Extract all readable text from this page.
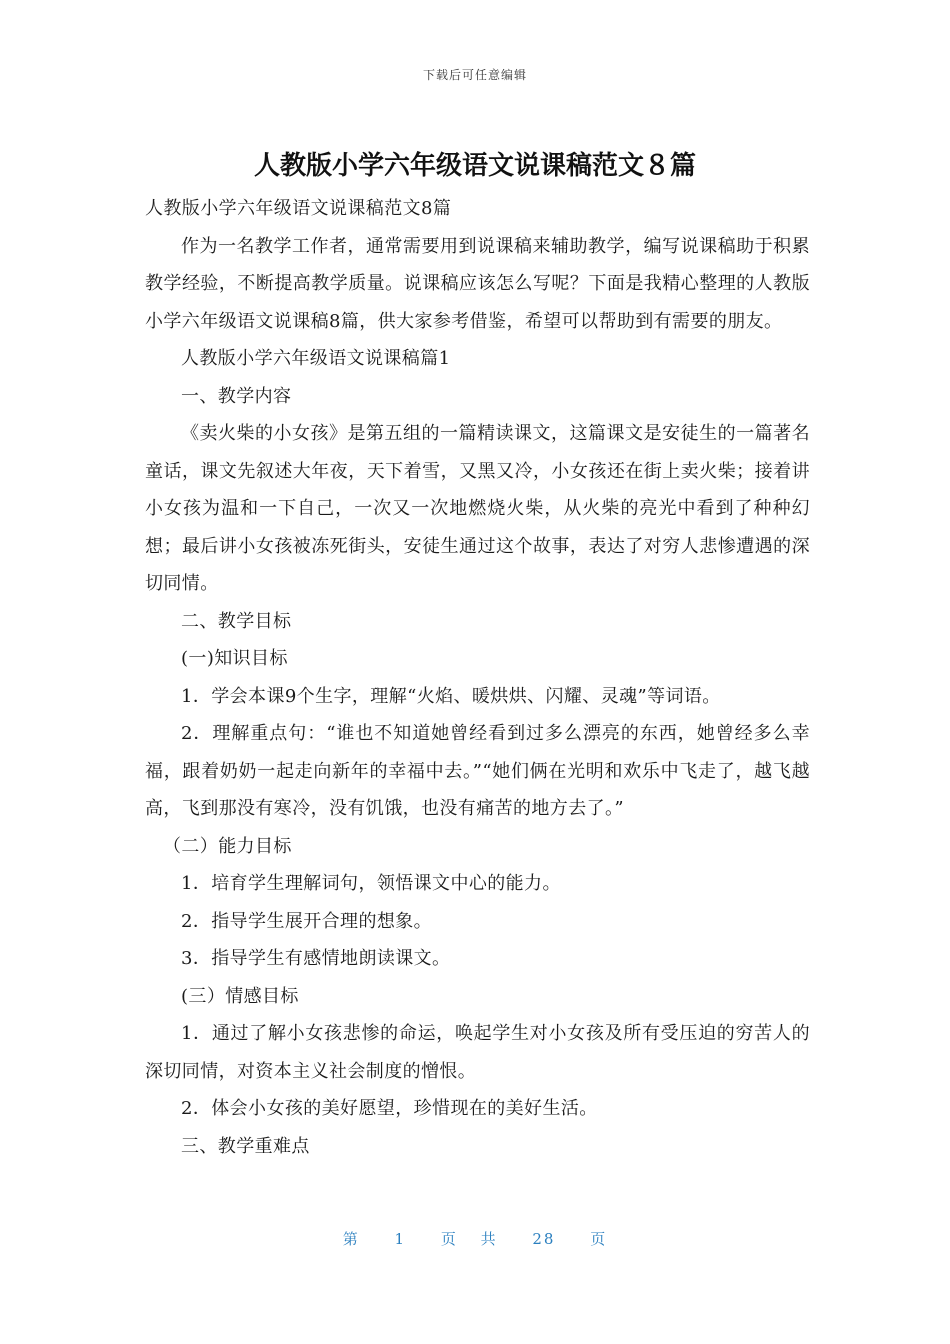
下载后可任意编辑
人教版小学六年级语文说课稿范文８篇

人教版小学六年级语文说课稿范文8篇

作为一名教学工作者，通常需要用到说课稿来辅助教学，编写说课稿助于积累教学经验，不断提高教学质量。说课稿应该怎么写呢？下面是我精心整理的人教版小学六年级语文说课稿8篇，供大家参考借鉴，希望可以帮助到有需要的朋友。

人教版小学六年级语文说课稿篇1

一、教学内容

《卖火柴的小女孩》是第五组的一篇精读课文，这篇课文是安徒生的一篇著名童话，课文先叙述大年夜，天下着雪，又黑又冷，小女孩还在街上卖火柴；接着讲小女孩为温和一下自己，一次又一次地燃烧火柴，从火柴的亮光中看到了种种幻想；最后讲小女孩被冻死街头，安徒生通过这个故事，表达了对穷人悲惨遭遇的深切同情。

二、教学目标

(一)知识目标

1．学会本课9个生字，理解“火焰、暖烘烘、闪耀、灵魂”等词语。

2．理解重点句：“谁也不知道她曾经看到过多么漂亮的东西，她曾经多么幸福，跟着奶奶一起走向新年的幸福中去。”“她们俩在光明和欢乐中飞走了，越飞越高，飞到那没有寒冷，没有饥饿，也没有痛苦的地方去了。”

（二）能力目标

1．培育学生理解词句，领悟课文中心的能力。

2．指导学生展开合理的想象。

3．指导学生有感情地朗读课文。

(三）情感目标

1．通过了解小女孩悲惨的命运，唤起学生对小女孩及所有受压迫的穷苦人的深切同情，对资本主义社会制度的憎恨。

2．体会小女孩的美好愿望，珍惜现在的美好生活。

三、教学重难点

第 1 页 共 28 页
